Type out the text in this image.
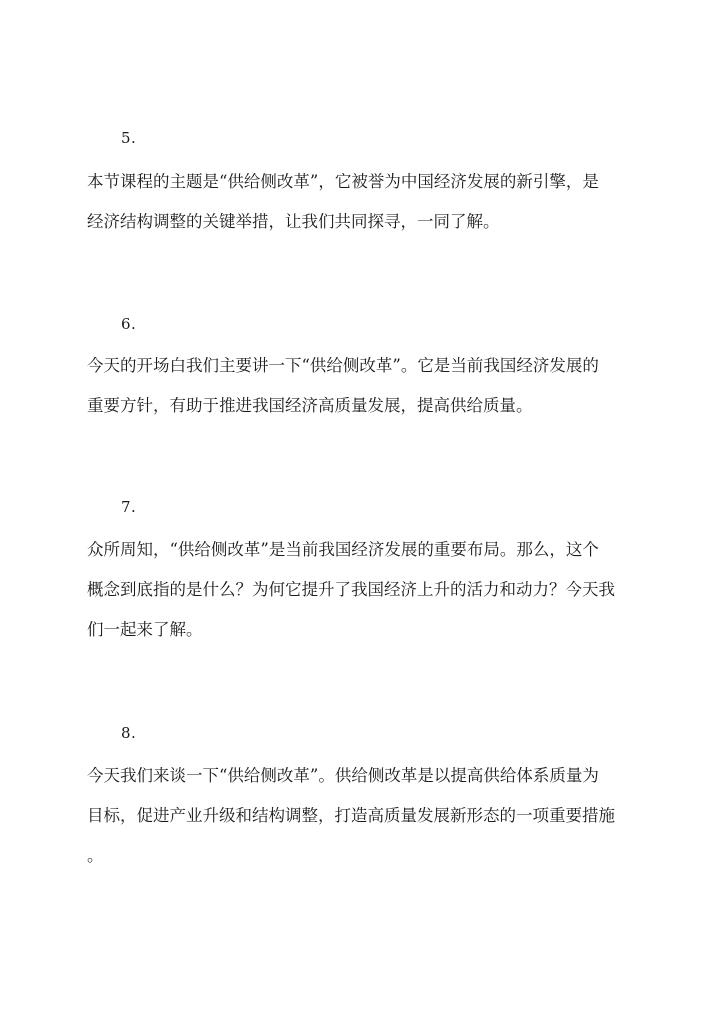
5.

本节课程的主题是“供给侧改革”，它被誉为中国经济发展的新引擎，是
经济结构调整的关键举措，让我们共同探寻，一同了解。

6.

今天的开场白我们主要讲一下“供给侧改革”。它是当前我国经济发展的
重要方针，有助于推进我国经济高质量发展，提高供给质量。

7.

众所周知，“供给侧改革”是当前我国经济发展的重要布局。那么，这个
概念到底指的是什么？为何它提升了我国经济上升的活力和动力？今天我
们一起来了解。

8.

今天我们来谈一下“供给侧改革”。供给侧改革是以提高供给体系质量为
目标，促进产业升级和结构调整，打造高质量发展新形态的一项重要措施
。
